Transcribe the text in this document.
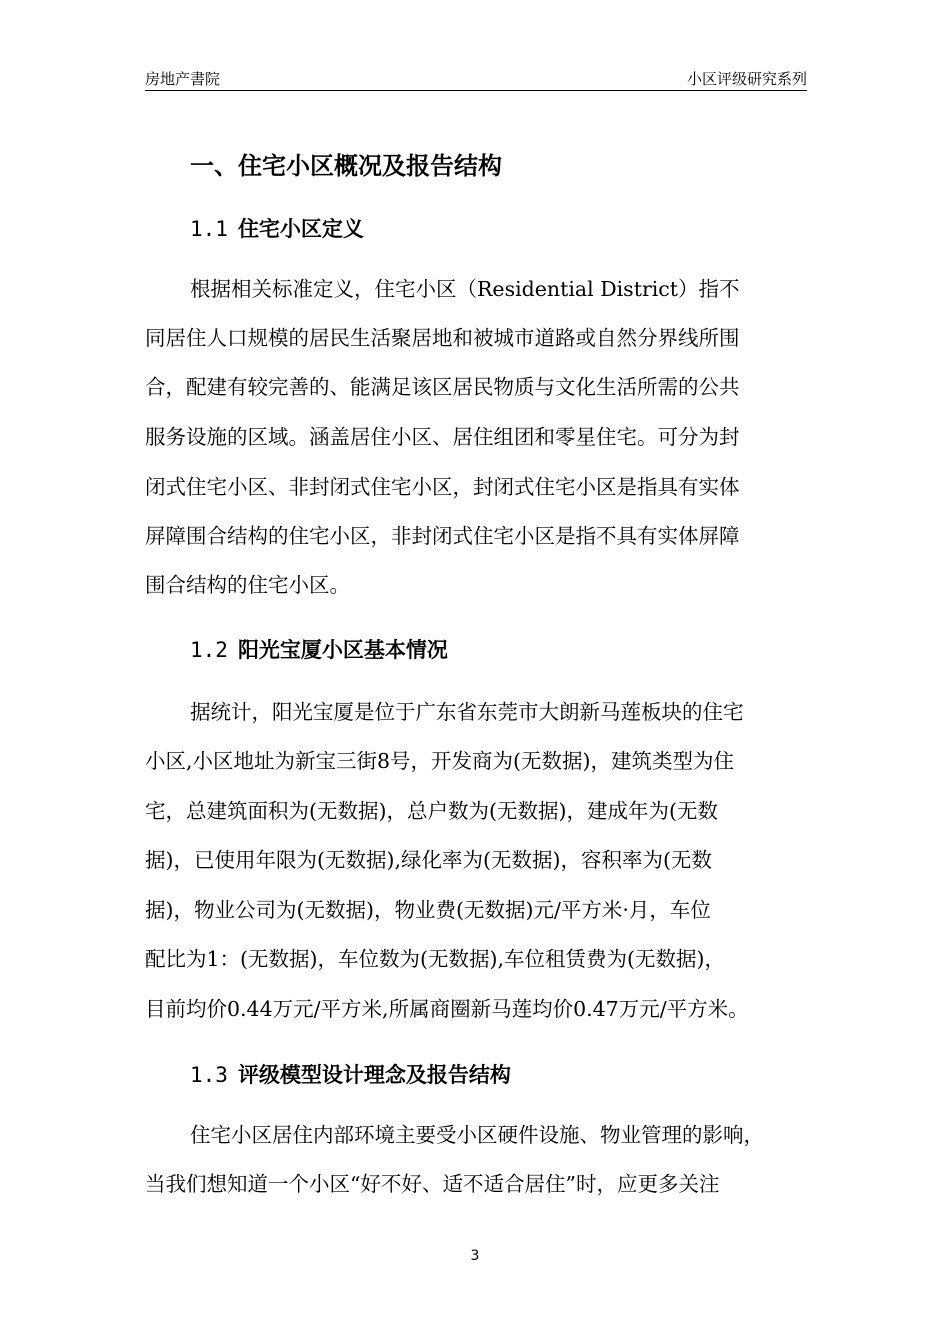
房地产書院	小区评级研究系列
一、住宅小区概况及报告结构
1.1 住宅小区定义
根据相关标准定义，住宅小区（Residential District）指不
同居住人口规模的居民生活聚居地和被城市道路或自然分界线所围
合，配建有较完善的、能满足该区居民物质与文化生活所需的公共
服务设施的区域。涵盖居住小区、居住组团和零星住宅。可分为封
闭式住宅小区、非封闭式住宅小区，封闭式住宅小区是指具有实体
屏障围合结构的住宅小区，非封闭式住宅小区是指不具有实体屏障
围合结构的住宅小区。
1.2 阳光宝厦小区基本情况
据统计，阳光宝厦是位于广东省东莞市大朗新马莲板块的住宅
小区,小区地址为新宝三街8号，开发商为(无数据)，建筑类型为住
宅，总建筑面积为(无数据)，总户数为(无数据)，建成年为(无数
据)，已使用年限为(无数据),绿化率为(无数据)，容积率为(无数
据)，物业公司为(无数据)，物业费(无数据)元/平方米·月，车位
配比为1：(无数据)，车位数为(无数据),车位租赁费为(无数据)，
目前均价0.44万元/平方米,所属商圈新马莲均价0.47万元/平方米。
1.3 评级模型设计理念及报告结构
住宅小区居住内部环境主要受小区硬件设施、物业管理的影响，
当我们想知道一个小区“好不好、适不适合居住”时，应更多关注
3
